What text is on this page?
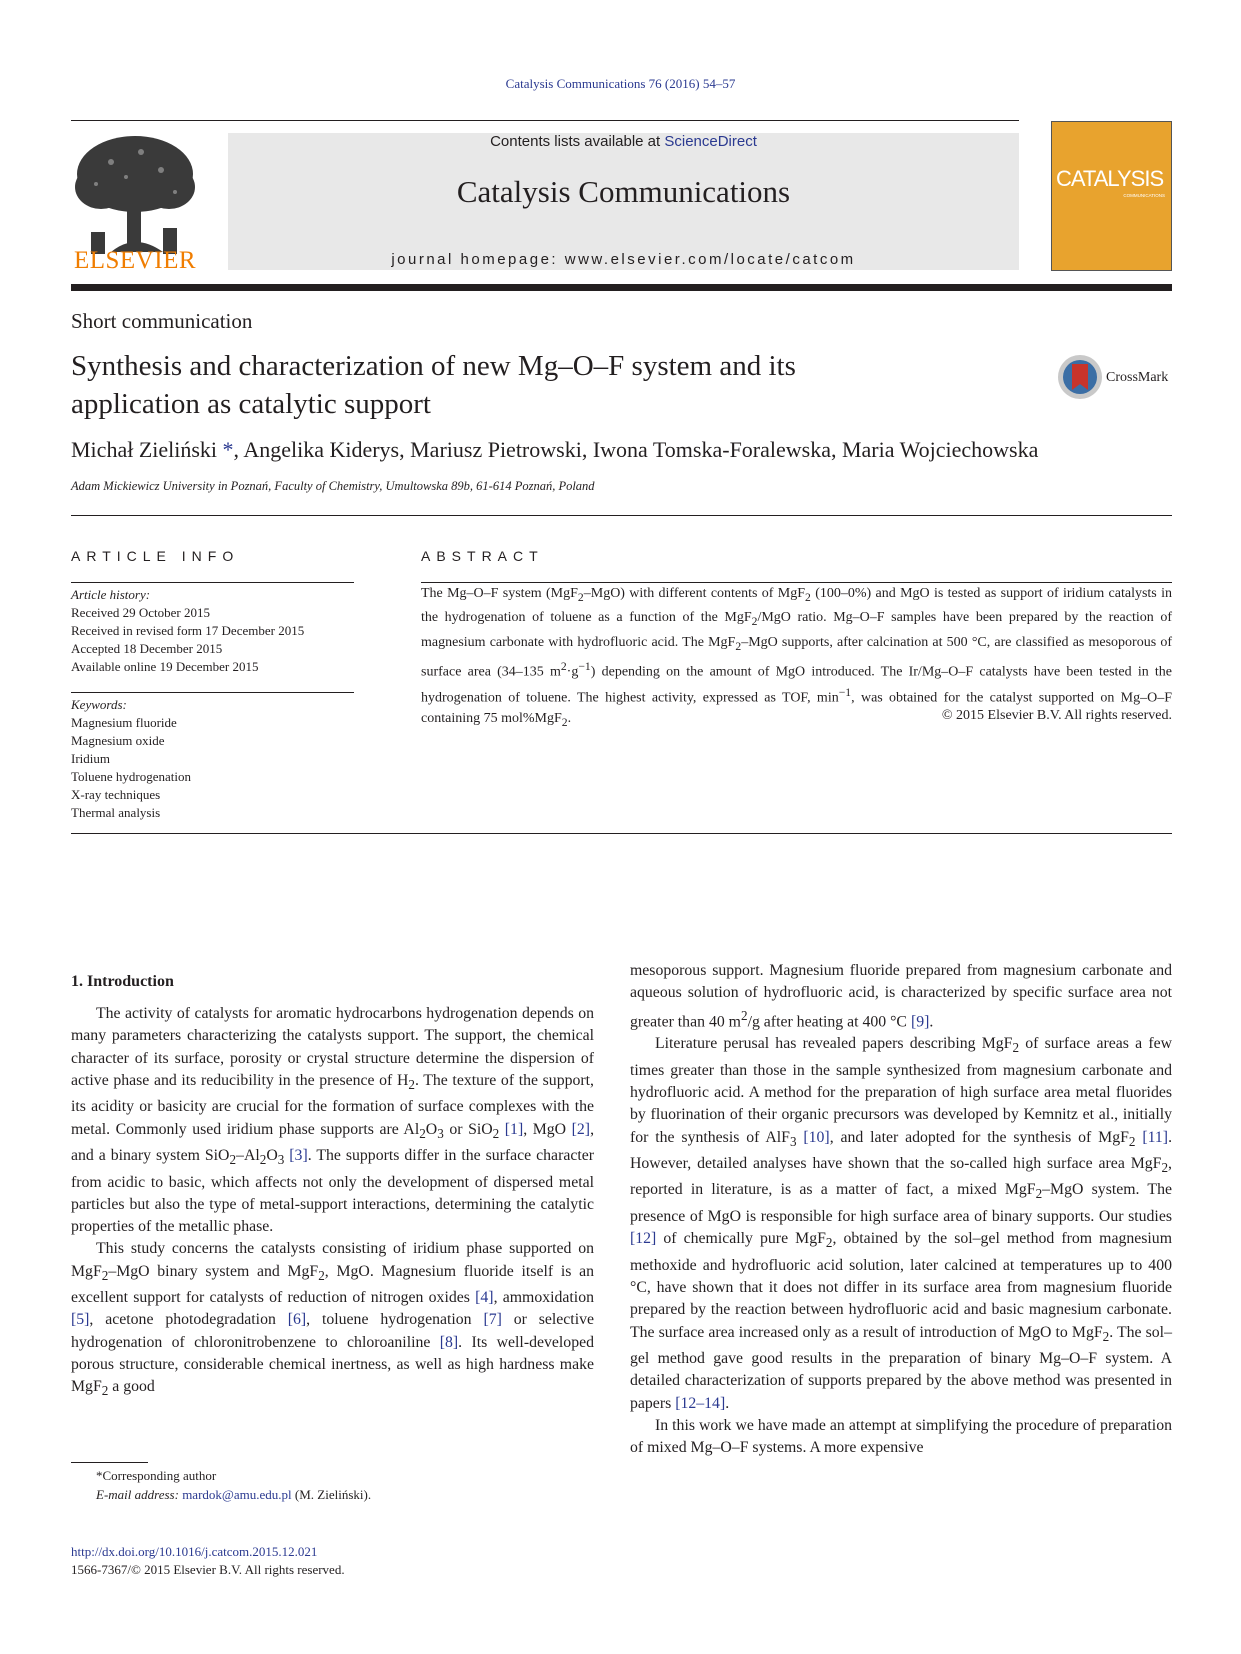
Catalysis Communications 76 (2016) 54–57
ELSEVIER
Contents lists available at ScienceDirect
Catalysis Communications
journal homepage: www.elsevier.com/locate/catcom
CATALYSIS
COMMUNICATIONS
Short communication
Synthesis and characterization of new Mg–O–F system and its application as catalytic support
CrossMark
Michał Zieliński *, Angelika Kiderys, Mariusz Pietrowski, Iwona Tomska-Foralewska, Maria Wojciechowska
Adam Mickiewicz University in Poznań, Faculty of Chemistry, Umultowska 89b, 61-614 Poznań, Poland
ARTICLE INFO
Article history:
Received 29 October 2015
Received in revised form 17 December 2015
Accepted 18 December 2015
Available online 19 December 2015
Keywords:
Magnesium fluoride
Magnesium oxide
Iridium
Toluene hydrogenation
X-ray techniques
Thermal analysis
ABSTRACT
The Mg–O–F system (MgF$_2$–MgO) with different contents of MgF$_2$ (100–0%) and MgO is tested as support of iridium catalysts in the hydrogenation of toluene as a function of the MgF$_2$/MgO ratio. Mg–O–F samples have been prepared by the reaction of magnesium carbonate with hydrofluoric acid. The MgF$_2$–MgO supports, after calcination at 500 °C, are classified as mesoporous of surface area (34–135 $m^2\cdot g^{-1}$) depending on the amount of MgO introduced. The Ir/Mg–O–F catalysts have been tested in the hydrogenation of toluene. The highest activity, expressed as TOF, $\min^{-1}$, was obtained for the catalyst supported on Mg–O–F containing 75 mol%MgF$_2$.	© 2015 Elsevier B.V. All rights reserved.
1. Introduction

The activity of catalysts for aromatic hydrocarbons hydrogenation depends on many parameters characterizing the catalysts support. The support, the chemical character of its surface, porosity or crystal structure determine the dispersion of active phase and its reducibility in the presence of $H_2$. The texture of the support, its acidity or basicity are crucial for the formation of surface complexes with the metal. Commonly used iridium phase supports are $Al_2O_3$ or SiO$_2$ [1], MgO [2], and a binary system $SiO_2-Al_2O_3$ [3]. The supports differ in the surface character from acidic to basic, which affects not only the development of dispersed metal particles but also the type of metal-support interactions, determining the catalytic properties of the metallic phase.

This study concerns the catalysts consisting of iridium phase supported on MgF$_2$–MgO binary system and MgF$_2$, MgO. Magnesium fluoride itself is an excellent support for catalysts of reduction of nitrogen oxides [4], ammoxidation [5], acetone photodegradation [6], toluene hydrogenation [7] or selective hydrogenation of chloronitrobenzene to chloroaniline [8]. Its well-developed porous structure, considerable chemical inertness, as well as high hardness make MgF$_2$ a good

mesoporous support. Magnesium fluoride prepared from magnesium carbonate and aqueous solution of hydrofluoric acid, is characterized by specific surface area not greater than 40 $m^2/g$ after heating at 400 °C [9].

Literature perusal has revealed papers describing MgF$_2$ of surface areas a few times greater than those in the sample synthesized from magnesium carbonate and hydrofluoric acid. A method for the preparation of high surface area metal fluorides by fluorination of their organic precursors was developed by Kemnitz et al., initially for the synthesis of AlF$_3$ [10], and later adopted for the synthesis of MgF$_2$ [11]. However, detailed analyses have shown that the so-called high surface area MgF$_2$, reported in literature, is as a matter of fact, a mixed MgF$_2$–MgO system. The presence of MgO is responsible for high surface area of binary supports. Our studies [12] of chemically pure MgF$_2$, obtained by the sol–gel method from magnesium methoxide and hydrofluoric acid solution, later calcined at temperatures up to 400 °C, have shown that it does not differ in its surface area from magnesium fluoride prepared by the reaction between hydrofluoric acid and basic magnesium carbonate. The surface area increased only as a result of introduction of MgO to MgF$_2$. The sol–gel method gave good results in the preparation of binary Mg–O–F system. A detailed characterization of supports prepared by the above method was presented in papers [12–14].

In this work we have made an attempt at simplifying the procedure of preparation of mixed Mg–O–F systems. A more expensive

*Corresponding author
E-mail address: mardok@amu.edu.pl (M. Zieliński).
http://dx.doi.org/10.1016/j.catcom.2015.12.021
1566-7367/© 2015 Elsevier B.V. All rights reserved.
